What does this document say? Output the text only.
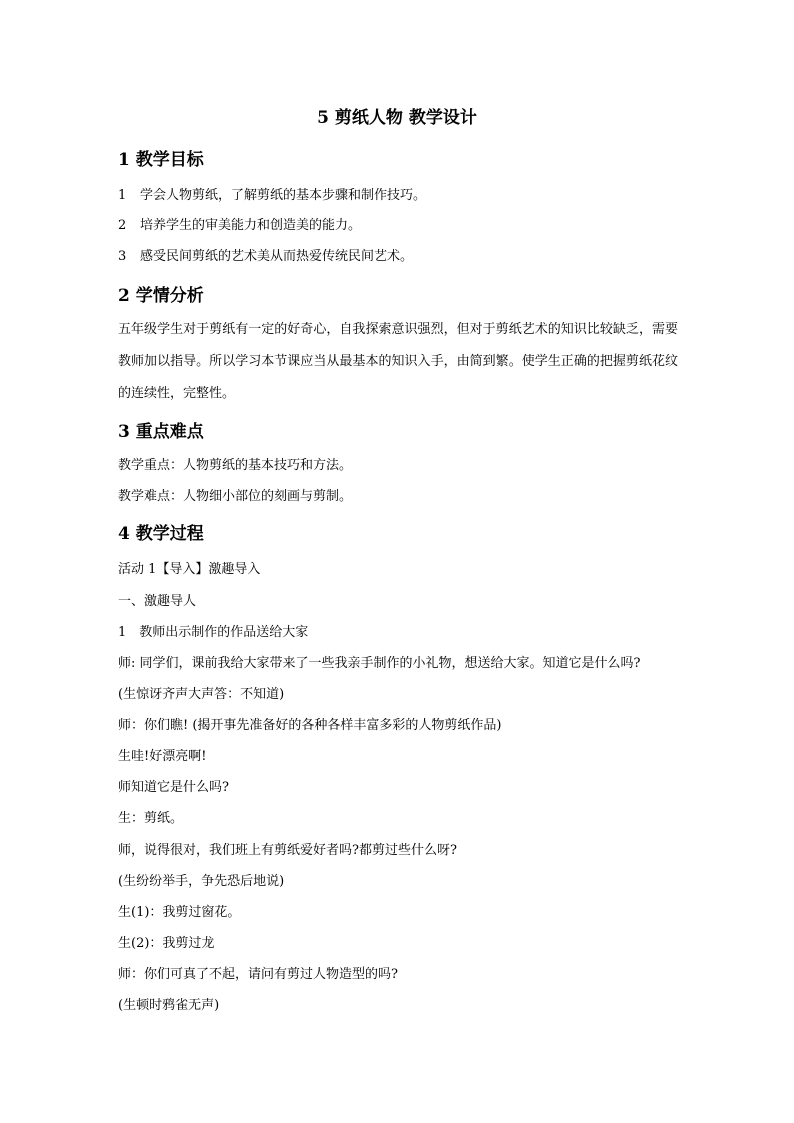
5 剪纸人物 教学设计
1 教学目标

1 学会人物剪纸，了解剪纸的基本步骤和制作技巧。

2 培养学生的审美能力和创造美的能力。

3 感受民间剪纸的艺术美从而热爱传统民间艺术。

2 学情分析

五年级学生对于剪纸有一定的好奇心，自我探索意识强烈，但对于剪纸艺术的知识比较缺乏，需要教师加以指导。所以学习本节课应当从最基本的知识入手，由简到繁。使学生正确的把握剪纸花纹的连续性，完整性。

3 重点难点

教学重点：人物剪纸的基本技巧和方法。

教学难点：人物细小部位的刻画与剪制。

4 教学过程

活动 1【导入】激趣导入

一、激趣导人

1　教师出示制作的作品送给大家

师: 同学们，课前我给大家带来了一些我亲手制作的小礼物，想送给大家。知道它是什么吗?

(生惊讶齐声大声答：不知道)

师：你们瞧! (揭开事先准备好的各种各样丰富多彩的人物剪纸作品)

生哇!好漂亮啊!

师知道它是什么吗?

生：剪纸。

师，说得很对，我们班上有剪纸爱好者吗?都剪过些什么呀?

(生纷纷举手，争先恐后地说)

生(1)：我剪过窗花。

生(2)：我剪过龙

师：你们可真了不起，请问有剪过人物造型的吗?

(生顿时鸦雀无声)
